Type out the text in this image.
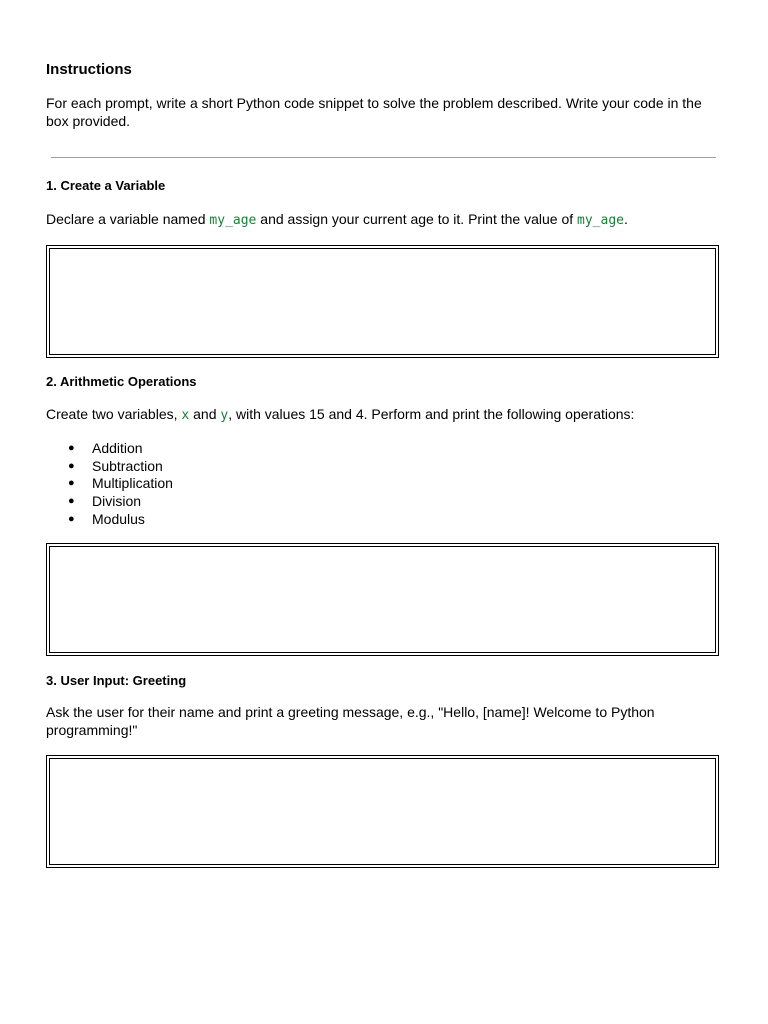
Instructions

For each prompt, write a short Python code snippet to solve the problem described. Write your code in the box provided.

1. Create a Variable

Declare a variable named my_age and assign your current age to it. Print the value of my_age.

2. Arithmetic Operations

Create two variables, x and y, with values 15 and 4. Perform and print the following operations:

● Addition
● Subtraction
● Multiplication
● Division
● Modulus
3. User Input: Greeting

Ask the user for their name and print a greeting message, e.g., "Hello, [name]! Welcome to Python programming!"
